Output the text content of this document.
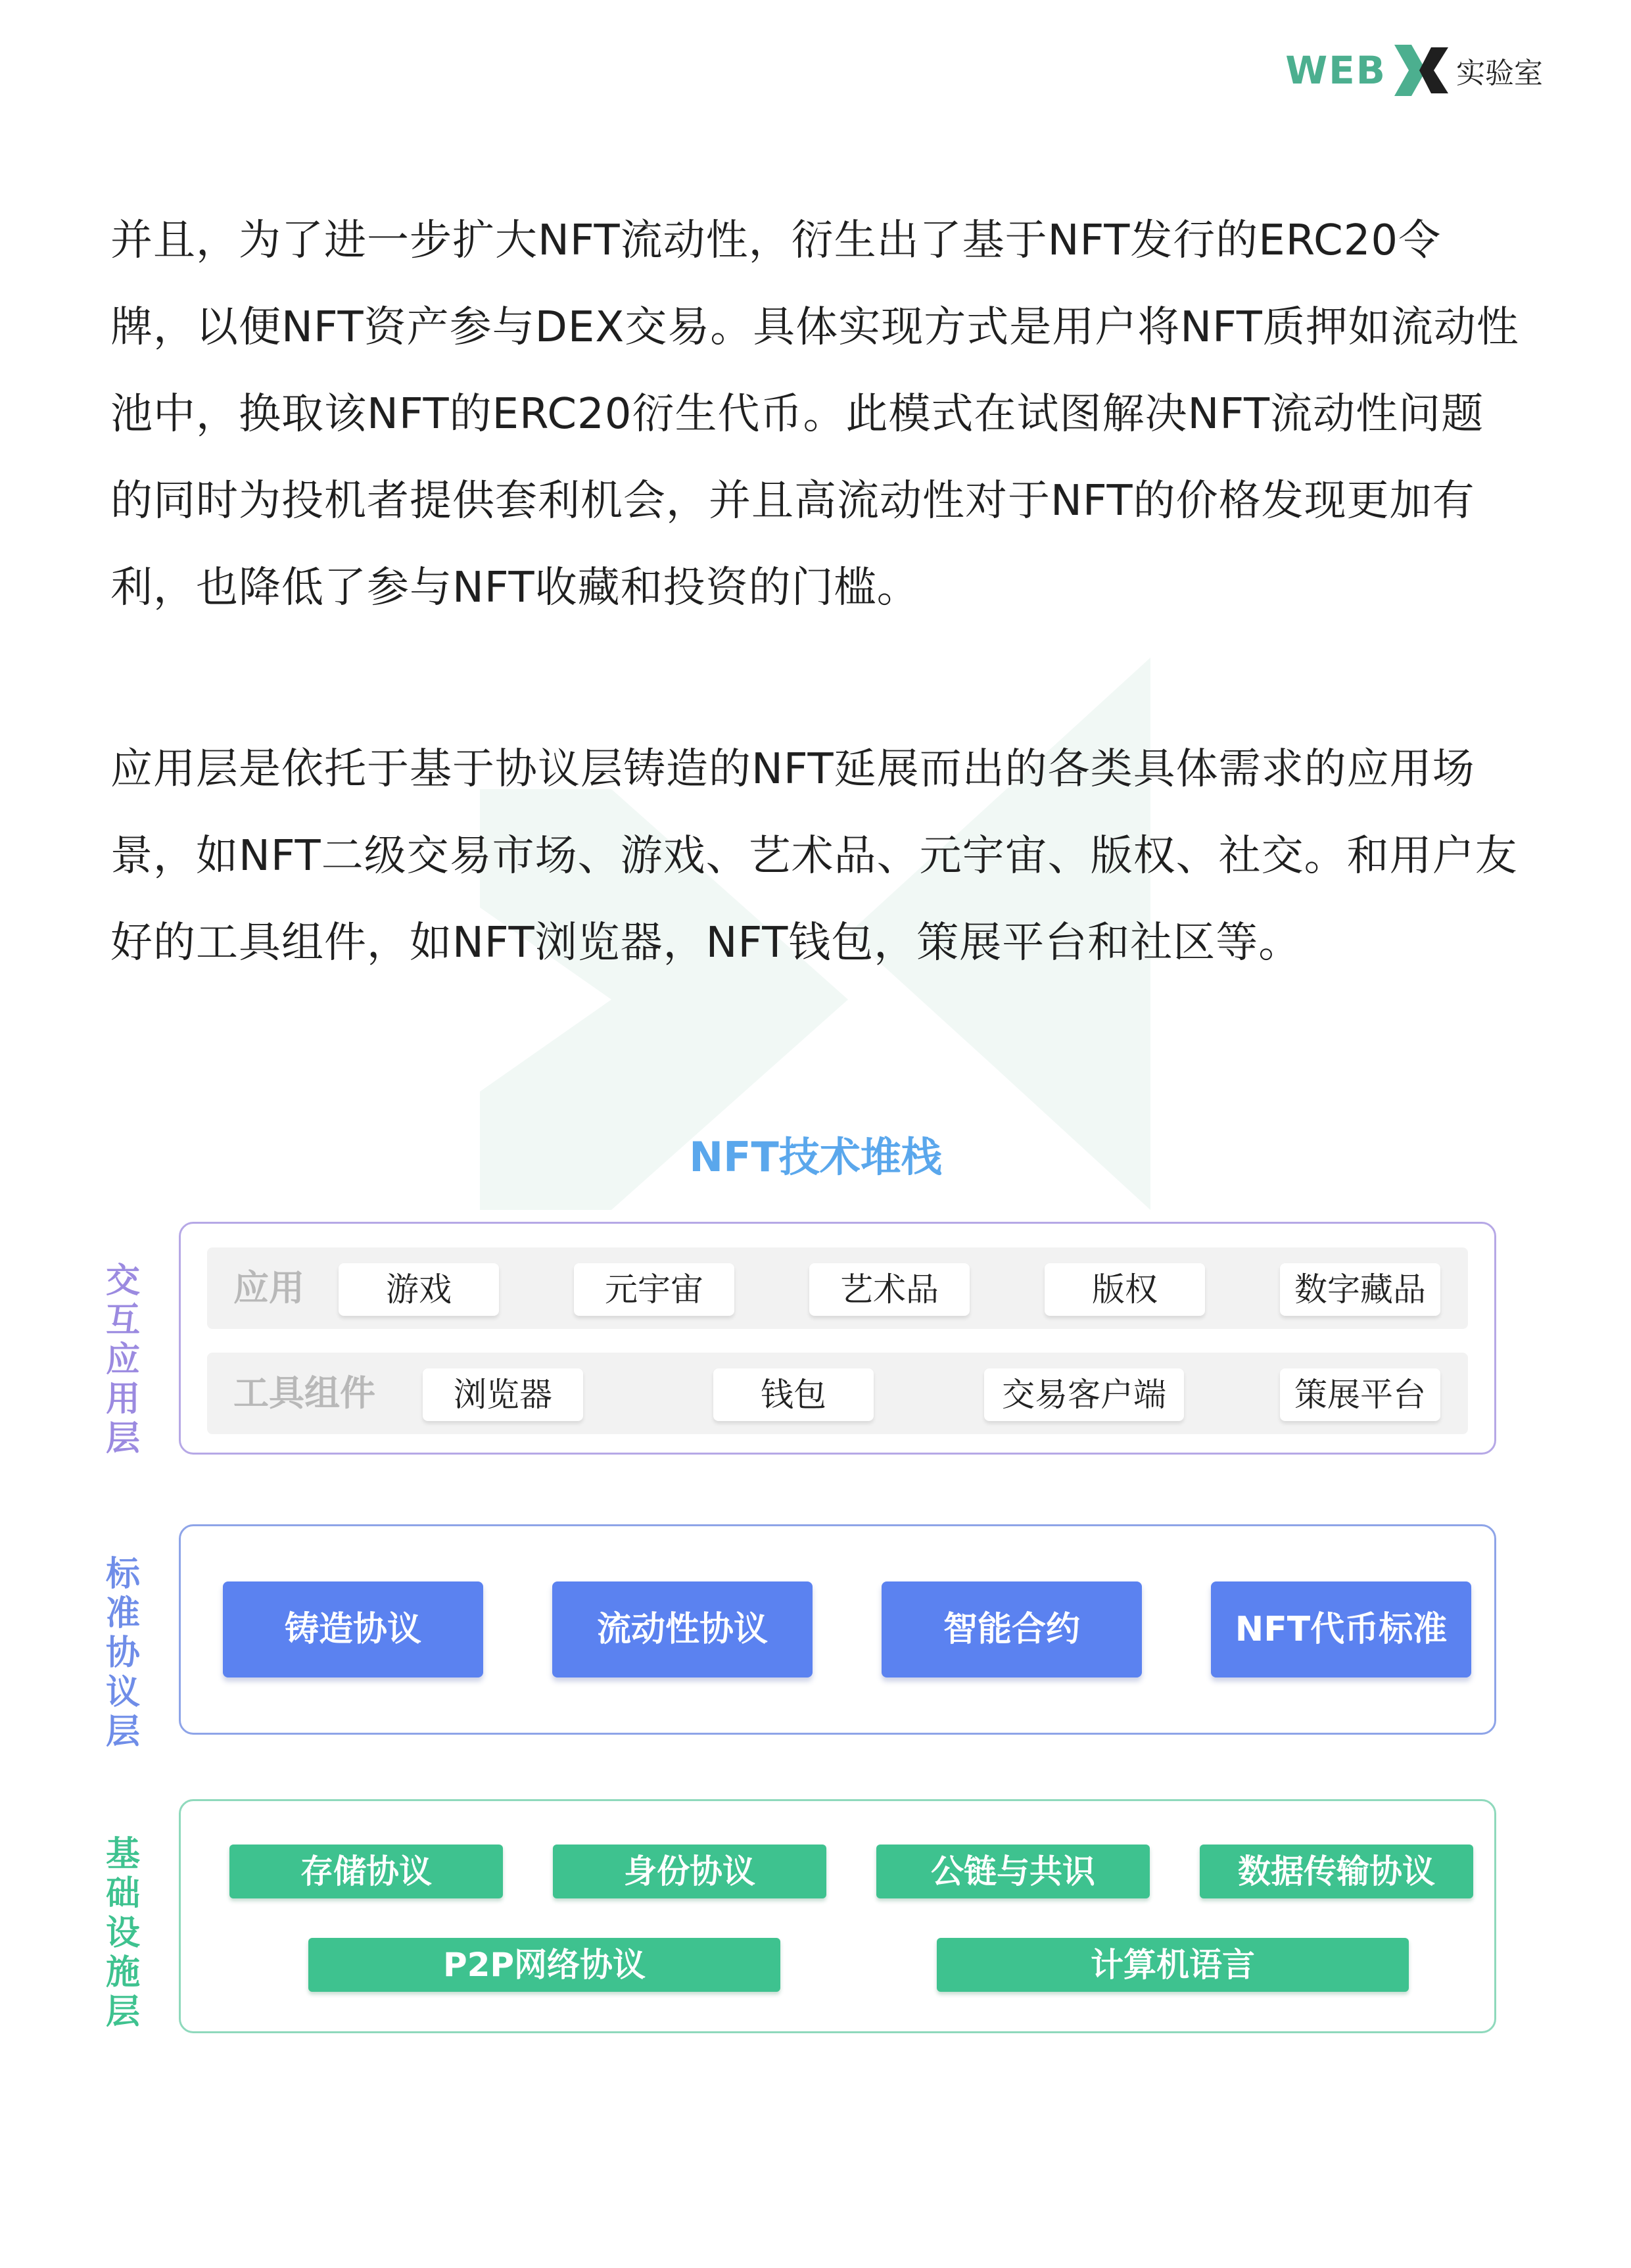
WEB 实验室
并且，为了进一步扩大NFT流动性，衍生出了基于NFT发行的ERC20令牌，以便NFT资产参与DEX交易。具体实现方式是用户将NFT质押如流动性池中，换取该NFT的ERC20衍生代币。此模式在试图解决NFT流动性问题的同时为投机者提供套利机会，并且高流动性对于NFT的价格发现更加有利，也降低了参与NFT收藏和投资的门槛。
应用层是依托于基于协议层铸造的NFT延展而出的各类具体需求的应用场景，如NFT二级交易市场、游戏、艺术品、元宇宙、版权、社交。和用户友好的工具组件，如NFT浏览器，NFT钱包，策展平台和社区等。
NFT技术堆栈
交互应用层
标准协议层
基础设施层
应用	游戏	元宇宙	艺术品	版权	数字藏品
工具组件	浏览器	钱包	交易客户端	策展平台
铸造协议	流动性协议	智能合约	NFT代币标准
存储协议	身份协议	公链与共识	数据传输协议
P2P网络协议	计算机语言
